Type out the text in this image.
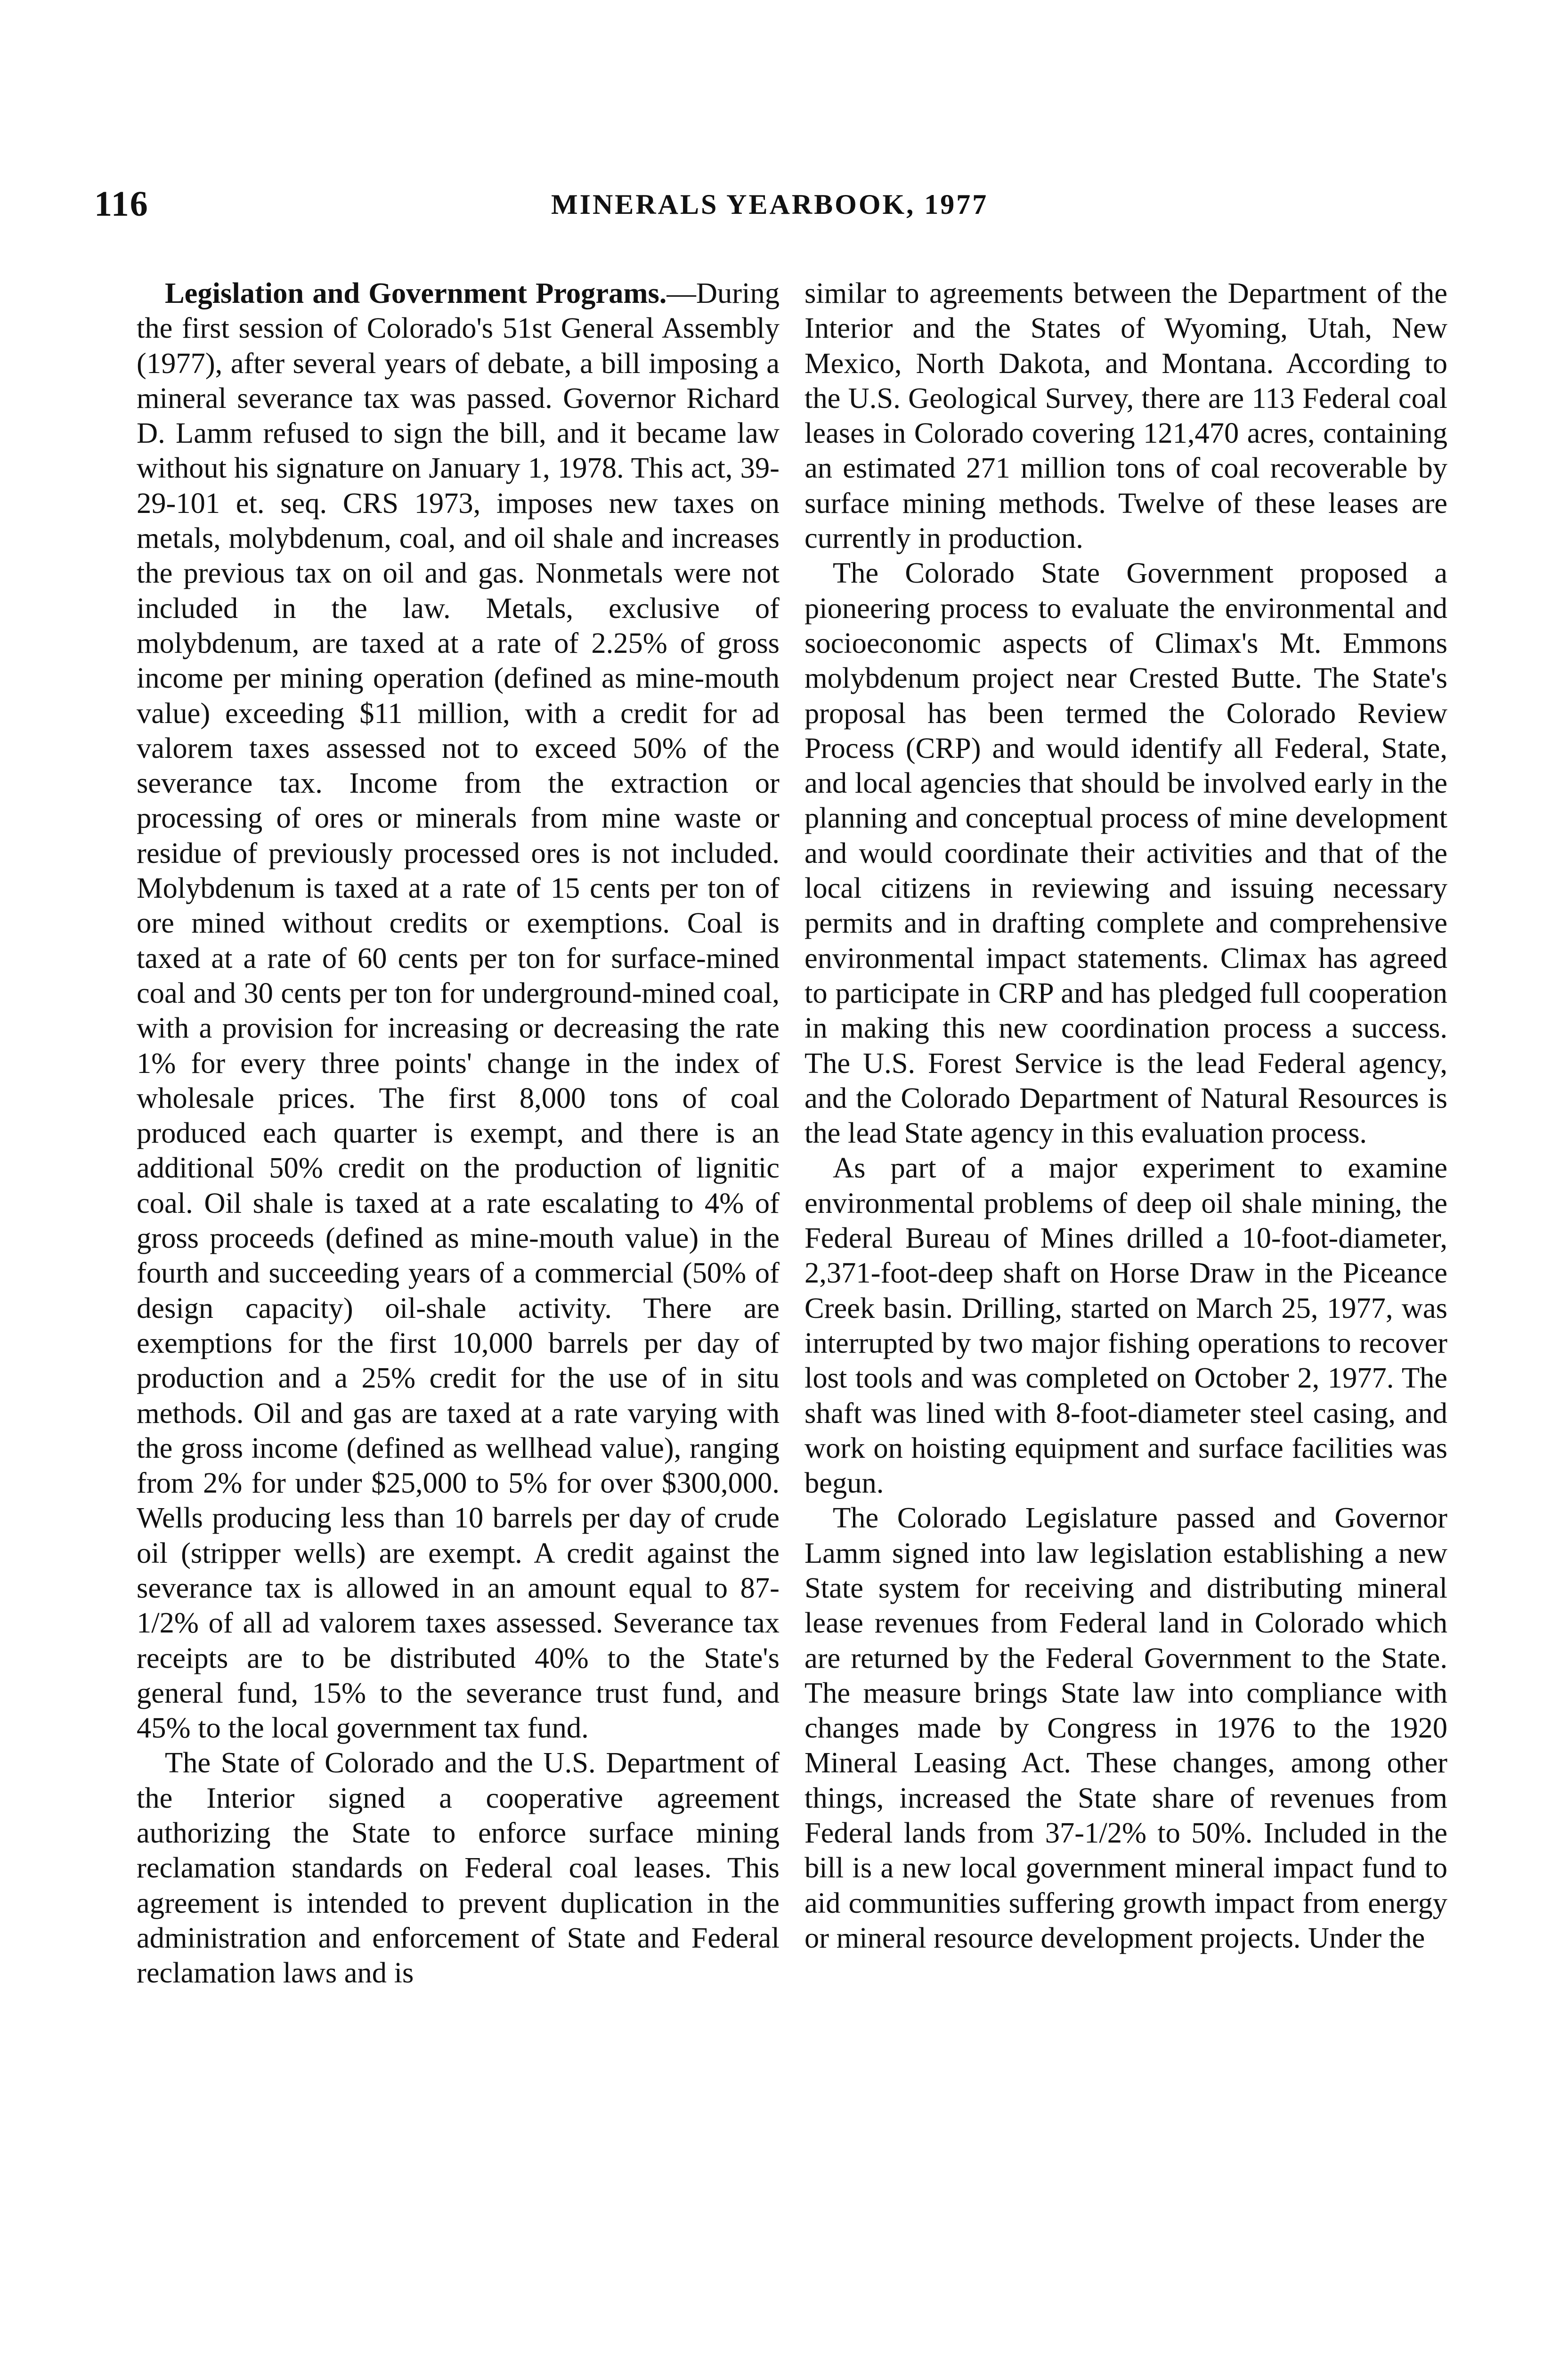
116	MINERALS YEARBOOK, 1977

Legislation and Government Programs.—During the first session of Colorado's 51st General Assembly (1977), after several years of debate, a bill imposing a mineral severance tax was passed. Governor Richard D. Lamm refused to sign the bill, and it became law without his signature on January 1, 1978. This act, 39-29-101 et. seq. CRS 1973, imposes new taxes on metals, molybdenum, coal, and oil shale and increases the previous tax on oil and gas. Nonmetals were not included in the law. Metals, exclusive of molybdenum, are taxed at a rate of 2.25% of gross income per mining operation (defined as mine-mouth value) exceeding $11 million, with a credit for ad valorem taxes assessed not to exceed 50% of the severance tax. Income from the extraction or processing of ores or minerals from mine waste or residue of previously processed ores is not included. Molybdenum is taxed at a rate of 15 cents per ton of ore mined without credits or exemptions. Coal is taxed at a rate of 60 cents per ton for surface-mined coal and 30 cents per ton for underground-mined coal, with a provision for increasing or decreasing the rate 1% for every three points' change in the index of wholesale prices. The first 8,000 tons of coal produced each quarter is exempt, and there is an additional 50% credit on the production of lignitic coal. Oil shale is taxed at a rate escalating to 4% of gross proceeds (defined as mine-mouth value) in the fourth and succeeding years of a commercial (50% of design capacity) oil-shale activity. There are exemptions for the first 10,000 barrels per day of production and a 25% credit for the use of in situ methods. Oil and gas are taxed at a rate varying with the gross income (defined as wellhead value), ranging from 2% for under $25,000 to 5% for over $300,000. Wells producing less than 10 barrels per day of crude oil (stripper wells) are exempt. A credit against the severance tax is allowed in an amount equal to 87-1/2% of all ad valorem taxes assessed. Severance tax receipts are to be distributed 40% to the State's general fund, 15% to the severance trust fund, and 45% to the local government tax fund.

The State of Colorado and the U.S. Department of the Interior signed a cooperative agreement authorizing the State to enforce surface mining reclamation standards on Federal coal leases. This agreement is intended to prevent duplication in the administration and enforcement of State and Federal reclamation laws and is

similar to agreements between the Department of the Interior and the States of Wyoming, Utah, New Mexico, North Dakota, and Montana. According to the U.S. Geological Survey, there are 113 Federal coal leases in Colorado covering 121,470 acres, containing an estimated 271 million tons of coal recoverable by surface mining methods. Twelve of these leases are currently in production.

The Colorado State Government proposed a pioneering process to evaluate the environmental and socioeconomic aspects of Climax's Mt. Emmons molybdenum project near Crested Butte. The State's proposal has been termed the Colorado Review Process (CRP) and would identify all Federal, State, and local agencies that should be involved early in the planning and conceptual process of mine development and would coordinate their activities and that of the local citizens in reviewing and issuing necessary permits and in drafting complete and comprehensive environmental impact statements. Climax has agreed to participate in CRP and has pledged full cooperation in making this new coordination process a success. The U.S. Forest Service is the lead Federal agency, and the Colorado Department of Natural Resources is the lead State agency in this evaluation process.

As part of a major experiment to examine environmental problems of deep oil shale mining, the Federal Bureau of Mines drilled a 10-foot-diameter, 2,371-foot-deep shaft on Horse Draw in the Piceance Creek basin. Drilling, started on March 25, 1977, was interrupted by two major fishing operations to recover lost tools and was completed on October 2, 1977. The shaft was lined with 8-foot-diameter steel casing, and work on hoisting equipment and surface facilities was begun.

The Colorado Legislature passed and Governor Lamm signed into law legislation establishing a new State system for receiving and distributing mineral lease revenues from Federal land in Colorado which are returned by the Federal Government to the State. The measure brings State law into compliance with changes made by Congress in 1976 to the 1920 Mineral Leasing Act. These changes, among other things, increased the State share of revenues from Federal lands from 37-1/2% to 50%. Included in the bill is a new local government mineral impact fund to aid communities suffering growth impact from energy or mineral resource development projects. Under the
